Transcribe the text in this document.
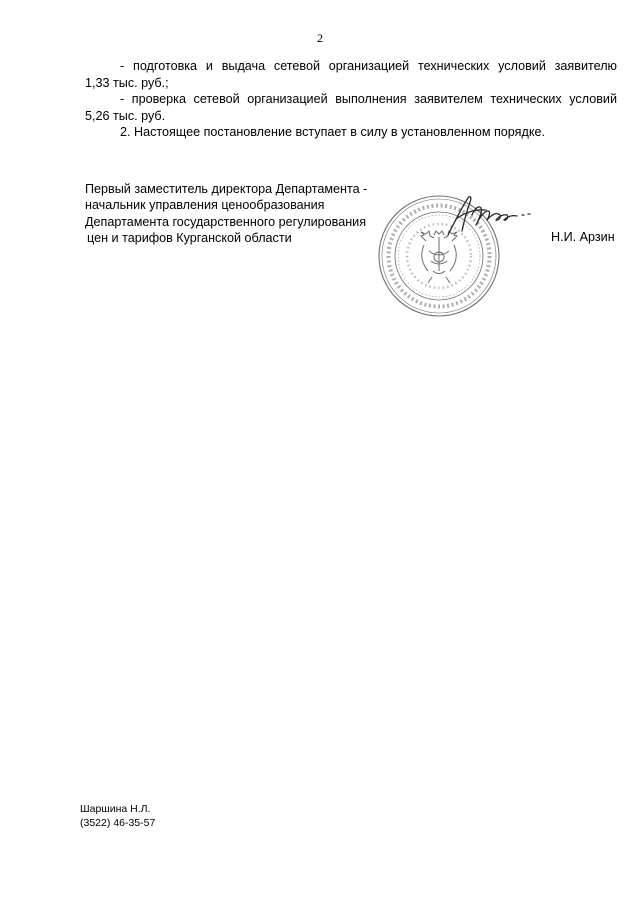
2

- подготовка и выдача сетевой организацией технических условий заявителю

1,33 тыс. руб.;

- проверка сетевой организацией выполнения заявителем технических условий

5,26 тыс. руб.

2. Настоящее постановление вступает в силу в установленном порядке.

Первый заместитель директора Департамента -
начальник управления ценообразования
Департамента государственного регулирования
цен и тарифов Курганской области	Н.И. Арзин
Шаршина Н.Л.
(3522) 46-35-57
